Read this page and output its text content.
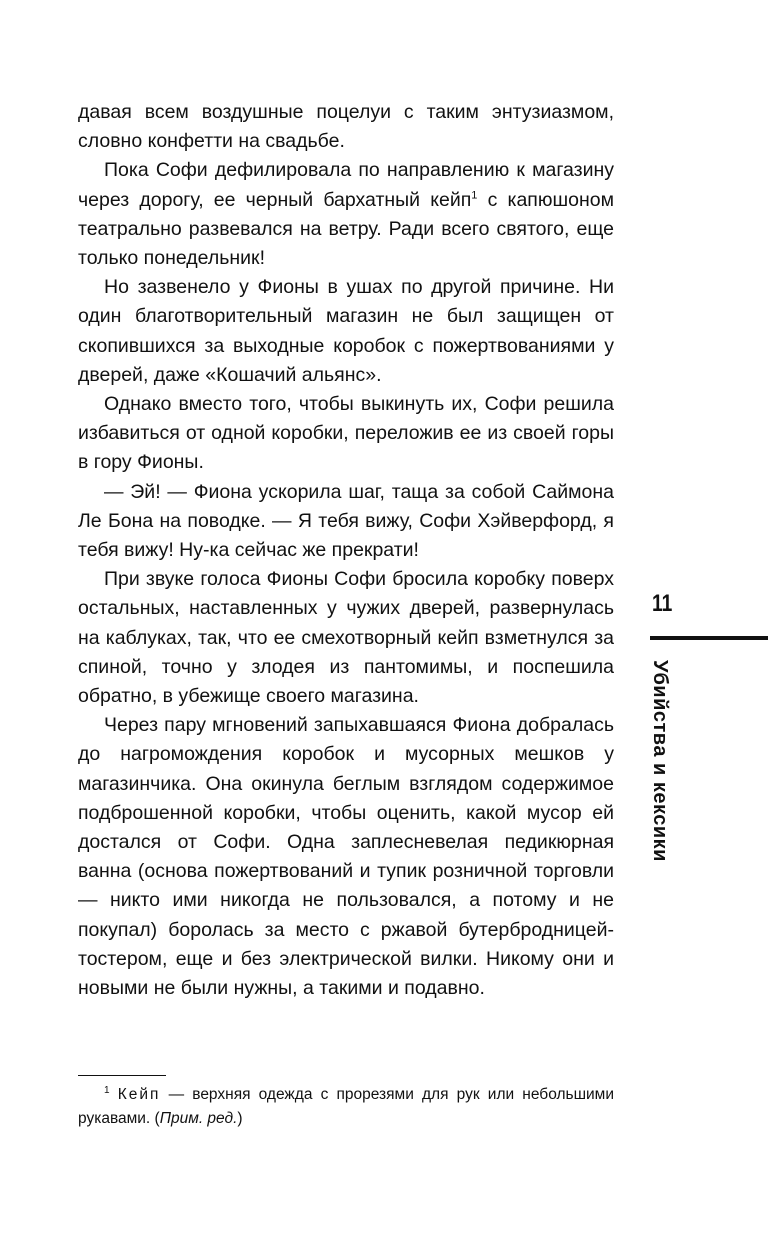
давая всем воздушные поцелуи с таким энтузиазмом, словно конфетти на свадьбе.

Пока Софи дефилировала по направлению к магазину через дорогу, ее черный бархатный кейп$^1$ с капюшоном театрально развевался на ветру. Ради всего святого, еще только понедельник!

Но зазвенело у Фионы в ушах по другой причине. Ни один благотворительный магазин не был защищен от скопившихся за выходные коробок с пожертвованиями у дверей, даже «Кошачий альянс».

Однако вместо того, чтобы выкинуть их, Софи решила избавиться от одной коробки, переложив ее из своей горы в гору Фионы.

— Эй! — Фиона ускорила шаг, таща за собой Саймона Ле Бона на поводке. — Я тебя вижу, Софи Хэйверфорд, я тебя вижу! Ну-ка сейчас же прекрати!

При звуке голоса Фионы Софи бросила коробку поверх остальных, наставленных у чужих дверей, развернулась на каблуках, так, что ее смехотворный кейп взметнулся за спиной, точно у злодея из пантомимы, и поспешила обратно, в убежище своего магазина.

Через пару мгновений запыхавшаяся Фиона добралась до нагромождения коробок и мусорных мешков у магазинчика. Она окинула беглым взглядом содержимое подброшенной коробки, чтобы оценить, какой мусор ей достался от Софи. Одна заплесневелая педикюрная ванна (основа пожертвований и тупик розничной торговли — никто ими никогда не пользовался, а потому и не покупал) боролась за место с ржавой бутербродницей-тостером, еще и без электрической вилки. Никому они и новыми не были нужны, а такими и подавно.

$^1$ Кейп — верхняя одежда с прорезями для рук или небольшими рукавами. (Прим. ред.)
11
Убийства и кексики
